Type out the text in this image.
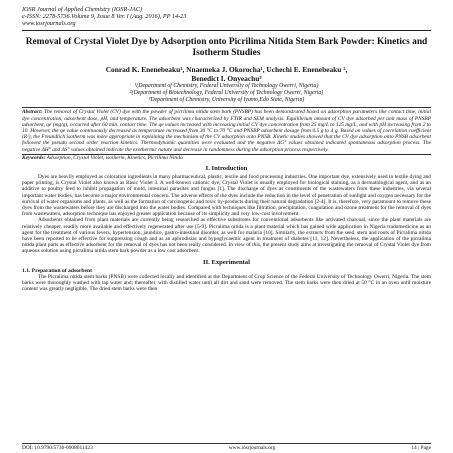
IOSR Journal of Applied Chemistry (IOSR-JAC)
e-ISSN: 2278-5736.Volume 9, Issue 8 Ver. I (Aug. 2016), PP 14-23
www.iosrjournals.org
Removal of Crystal Violet Dye by Adsorption onto Picrilima Nitida Stem Bark Powder: Kinetics and Isotherm Studies
Conrad K. Enenebeaku¹, Nnaemeka J. Okorocha¹, Uchechi E. Enenebeaku ²,
Benedict I. Onyeachu³
¹(Department of Chemistry, Federal University of Technology Owerri, Nigeria)
²(Department of Biotechnology, Federal University of Technology Owerri, Nigeria)
³Department of Chemistry, University of Iyamo,Edo State, Nigeria)
Abstract: The removal of Crystal Violet (CV) dye with the powder of picrilima nitida stem bark (PNSBP) has been demonstrated based on adsorption parameters like contact time, initial dye concentration, adsorbent dose, pH, and temperature. The adsorbent was characterized by FTIR and SEM analysis. Equilibrium amount of CV dye adsorbed per unit mass of PNSBP adsorbent, qe (mg/g), occurred after 60 min. contact time. The qe values increased with increasing initial CV dye concentration from 25 mg/L to 125 mg/L, and with pH increasing from 2 to 10. However, the qe value continuously decreased as temperature increased from 30 °C to 70 °C and PNSBP adsorbent dosage from 0.5 g to 4 g. Based on values of correlation coefficient (R²), the Freundlich isotherm was more appropriate in explaining the mechanism of the CV adsorption onto PNSB. Kinetic studies showed that the CV dye adsorption onto PNSB adsorbent followed the pseudo second order reaction kinetics. Thermodynamic quantities were evaluated and the negative ΔG° values obtained indicated spontaneous adsorption process. The negative ΔH° and ΔS° values obtained indicate the exothermic nature and decrease in randomness during the adsorption process respectively.
Keywords: Adsorption, Crystal Violet, isotherm, Kinetics, Picrilima Nitida
I. Introduction

Dyes are heavily employed as coloration ingredients in many pharmaceutical, plastic, textile and food processing industries. One important dye, extensively used in textile dying and paper printing, is Crystal Violet also known as Basic Violet 3. A well-known cationic dye, Crystal Violet is usually employed for biological staining, as a dermatological agent, and as an additive to poultry feed to inhibit propagation of mold, intestinal parasites and fungus [1]. The discharge of dyes as constituents of the wastewaters from these industries, via several important water bodies, has become a major environmental concern. The adverse effects of the dyes include the reduction in the level of penetration of sunlight and oxygen necessary for the survival of water organisms and plants, as well as the formation of carcinogenic and toxic by-products during their natural degradation [2-4]. It is, therefore, very paramount to remove these dyes from the wastewaters before they are discharged into the water bodies. Compared with techniques like filtration, precipitation, coagulation and ozone treatment for the removal of dyes from wastewaters, adsorption technique has enjoyed greater application because of its simplicity and very low-cost involvement.

Adsorbents obtained from plant materials are currently being researched as effective substitutes for conventional adsorbents like activated charcoal, since the plant materials are relatively cheaper, readily more available and effectively regenerated after use [5-9]. Picralima nitida is a plant material which has gained wide application in Nigeria tradomedicine as an agent for the treatment of various fevers, hypertension, jaundice, gastro-intestinal disorder, as well for malaria [10]. Similarly, the extracts from the seed, stem and roots of Picralima nitida have been reported to be effective for suppressing cough and as an aphrodisiac and hypoglycaemic agent in treatment of diabetes [11, 12]. Nevertheless, the application of the picralima nitida plant parts as effective adsorbent for the removal of dyes has not been really considered. In view of this, the present study aims at investigating the removal of Crystal Violet dye from aqueous solution using picralima nitida stem bark powder as a low cost adsorbent.

II. Experimental
1.1. Preparation of adsorbent

The Picralima nitida stem barks (PNSB) were collected locally and identified at the Department of Crop Science of the Federal University of Technology Owerri, Nigeria. The stem barks were thoroughly washed with tap water and; thereafter, with distilled water until all dirt and sand were removed. The stem barks were then dried at 50 °C in an oven until moisture content was greatly negligible. The dried stem barks were then

DOI: 10.9790/5736-0908011423	www.iosrjournals.org	14 | Page
